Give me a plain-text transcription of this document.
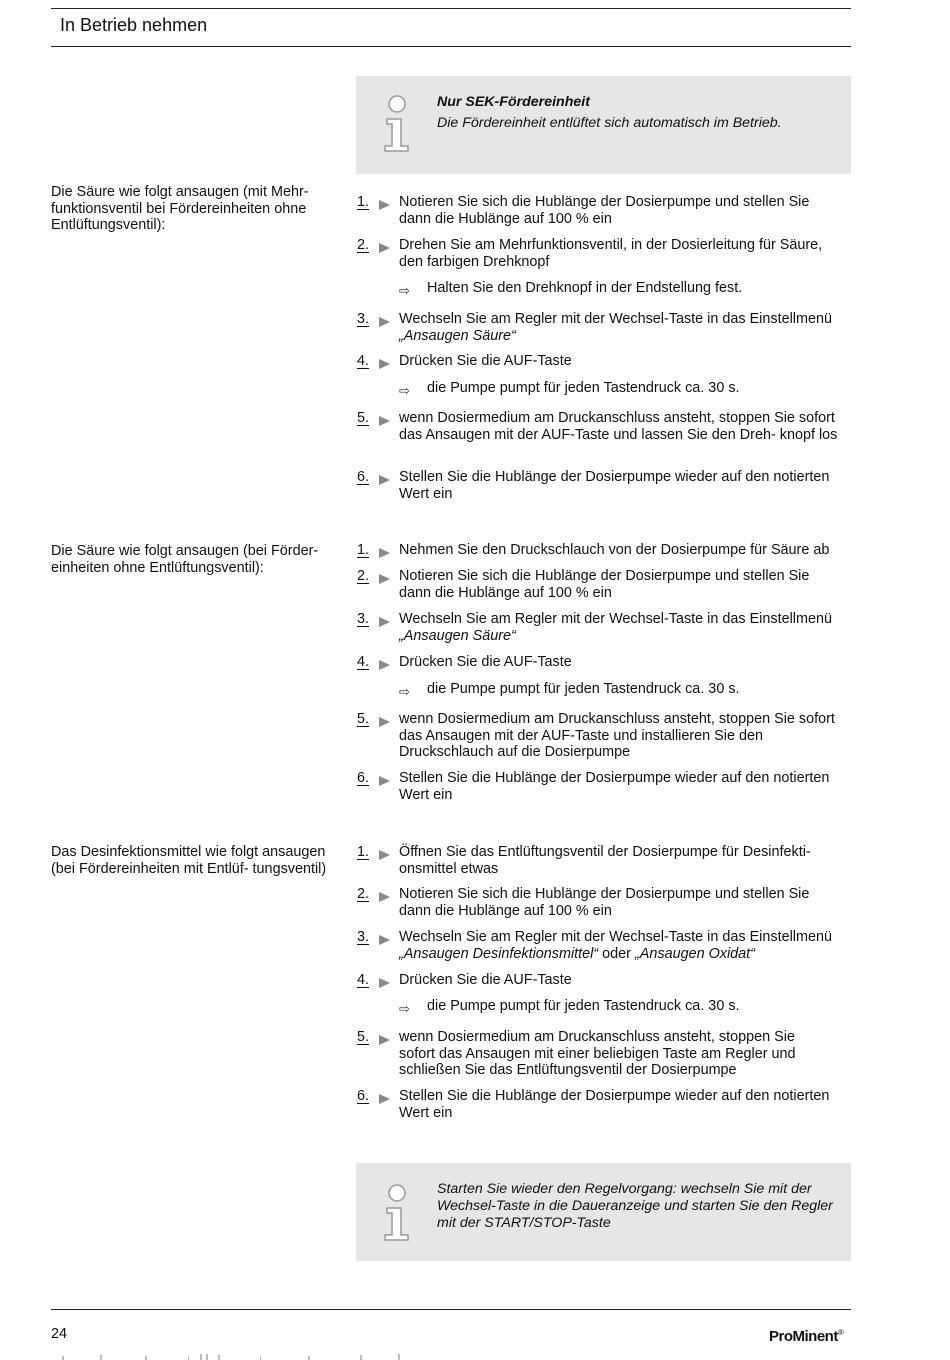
In Betrieb nehmen
Nur SEK-Fördereinheit
Die Fördereinheit entlüftet sich automatisch im Betrieb.
Die Säure wie folgt ansaugen (mit Mehr- funktionsventil bei Fördereinheiten ohne Entlüftungsventil):
1.	Notieren Sie sich die Hublänge der Dosierpumpe und stellen Sie dann die Hublänge auf 100 % ein
2.	Drehen Sie am Mehrfunktionsventil, in der Dosierleitung für Säure, den farbigen Drehknopf
⇨ Halten Sie den Drehknopf in der Endstellung fest.
3.	Wechseln Sie am Regler mit der Wechsel-Taste in das Einstellmenü
„Ansaugen Säure“
4.	Drücken Sie die AUF-Taste
⇨ die Pumpe pumpt für jeden Tastendruck ca. 30 s.
5.	wenn Dosiermedium am Druckanschluss ansteht, stoppen Sie sofort das Ansaugen mit der AUF-Taste und lassen Sie den Dreh- knopf los
6.	Stellen Sie die Hublänge der Dosierpumpe wieder auf den notierten Wert ein
Die Säure wie folgt ansaugen (bei Förder- einheiten ohne Entlüftungsventil):
1.	Nehmen Sie den Druckschlauch von der Dosierpumpe für Säure ab
2.	Notieren Sie sich die Hublänge der Dosierpumpe und stellen Sie dann die Hublänge auf 100 % ein
3.	Wechseln Sie am Regler mit der Wechsel-Taste in das Einstellmenü
„Ansaugen Säure“
4.	Drücken Sie die AUF-Taste
⇨ die Pumpe pumpt für jeden Tastendruck ca. 30 s.
5.	wenn Dosiermedium am Druckanschluss ansteht, stoppen Sie sofort das Ansaugen mit der AUF-Taste und installieren Sie den Druckschlauch auf die Dosierpumpe
6.	Stellen Sie die Hublänge der Dosierpumpe wieder auf den notierten Wert ein
Das Desinfektionsmittel wie folgt ansaugen (bei Fördereinheiten mit Entlüf- tungsventil)
1.	Öffnen Sie das Entlüftungsventil der Dosierpumpe für Desinfekti- onsmittel etwas
2.	Notieren Sie sich die Hublänge der Dosierpumpe und stellen Sie dann die Hublänge auf 100 % ein
3.	Wechseln Sie am Regler mit der Wechsel-Taste in das Einstellmenü
„Ansaugen Desinfektionsmittel“ oder „Ansaugen Oxidat“
4.	Drücken Sie die AUF-Taste
⇨ die Pumpe pumpt für jeden Tastendruck ca. 30 s.
5.	wenn Dosiermedium am Druckanschluss ansteht, stoppen Sie sofort das Ansaugen mit einer beliebigen Taste am Regler und schließen Sie das Entlüftungsventil der Dosierpumpe
6.	Stellen Sie die Hublänge der Dosierpumpe wieder auf den notierten Wert ein
Starten Sie wieder den Regelvorgang: wechseln Sie mit der Wechsel-Taste in die Daueranzeige und starten Sie den Regler mit der START/STOP-Taste
24	ProMinent®
